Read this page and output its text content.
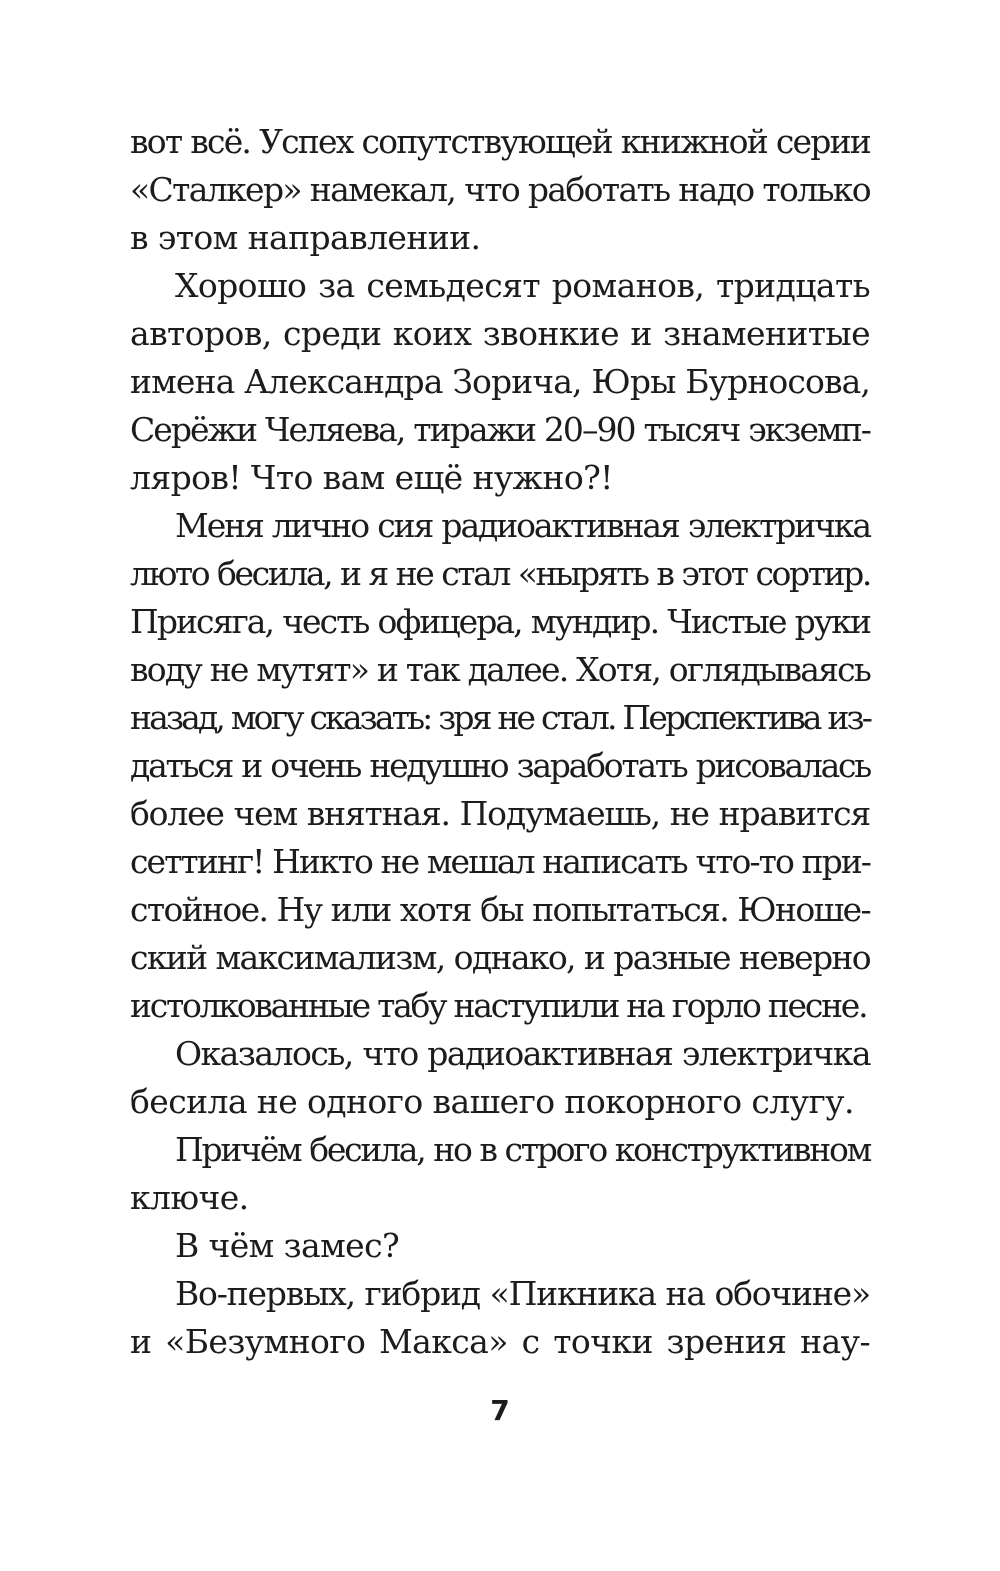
вот всё. Успех сопутствующей книжной серии
«Сталкер» намекал, что работать надо только
в этом направлении.
Хорошо за семьдесят романов, тридцать
авторов, среди коих звонкие и знаменитые
имена Александра Зорича, Юры Бурносова,
Серёжи Челяева, тиражи 20–90 тысяч экземп-
ляров! Что вам ещё нужно?!
Меня лично сия радиоактивная электричка
люто бесила, и я не стал «нырять в этот сортир.
Присяга, честь офицера, мундир. Чистые руки
воду не мутят» и так далее. Хотя, оглядываясь
назад, могу сказать: зря не стал. Перспектива из-
даться и очень недушно заработать рисовалась
более чем внятная. Подумаешь, не нравится
сеттинг! Никто не мешал написать что-то при-
стойное. Ну или хотя бы попытаться. Юноше-
ский максимализм, однако, и разные неверно
истолкованные табу наступили на горло песне.
Оказалось, что радиоактивная электричка
бесила не одного вашего покорного слугу.
Причём бесила, но в строго конструктивном
ключе.
В чём замес?
Во-первых, гибрид «Пикника на обочине»
и «Безумного Макса» с точки зрения нау-
7
